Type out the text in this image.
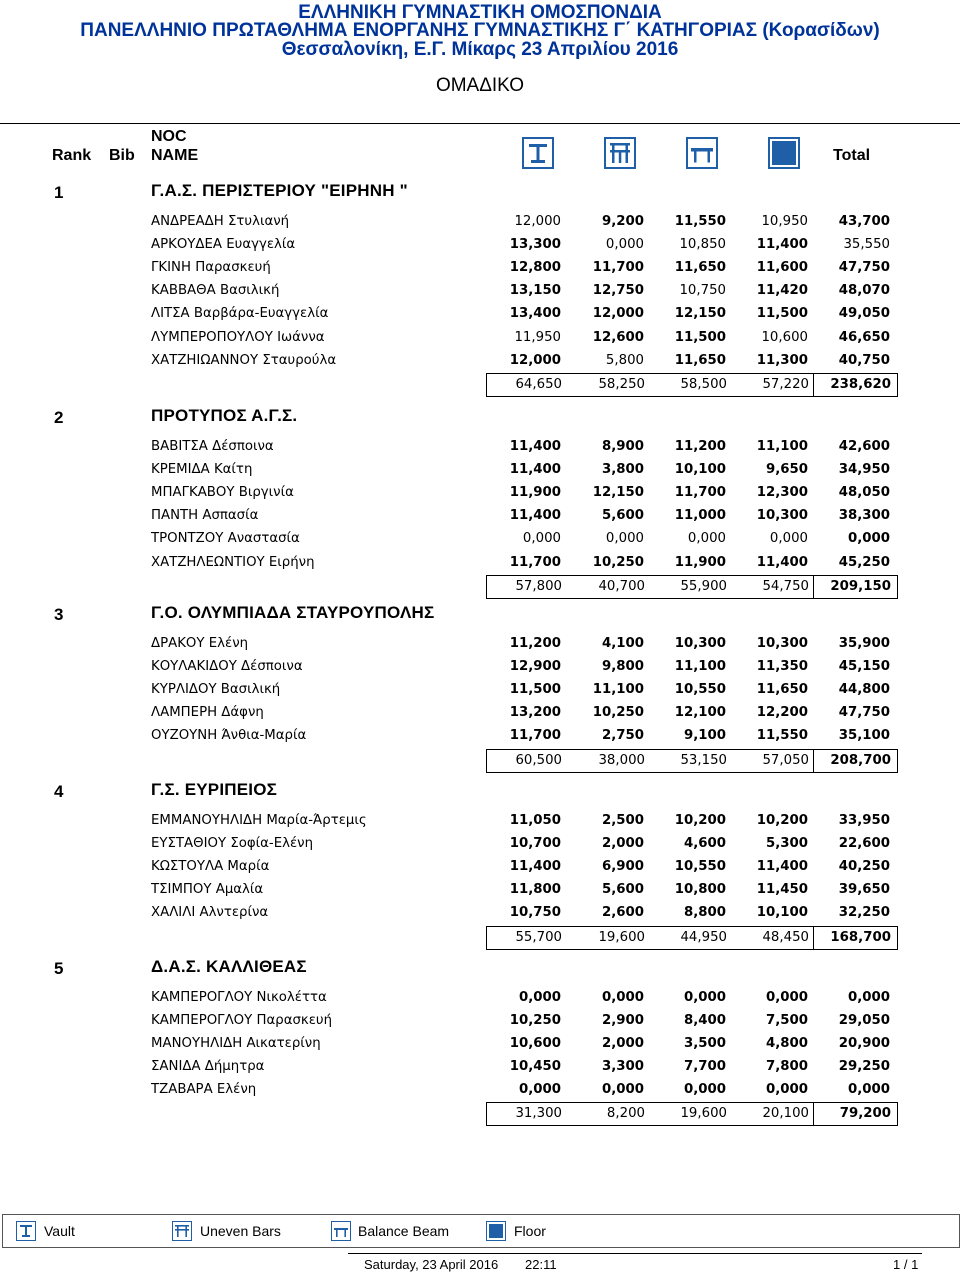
ΕΛΛΗΝΙΚΗ ΓΥΜΝΑΣΤΙΚΗ ΟΜΟΣΠΟΝΔΙΑ
ΠΑΝΕΛΛΗΝΙΟ ΠΡΩΤΑΘΛΗΜΑ ΕΝΟΡΓΑΝΗΣ ΓΥΜΝΑΣΤΙΚΗΣ Γ΄ ΚΑΤΗΓΟΡΙΑΣ (Κορασίδων)
Θεσσαλονίκη, Ε.Γ. Μίκαρς 23 Απριλίου 2016
ΟΜΑΔΙΚΟ
Rank Bib
NOC
NAME	Total
1	Γ.Α.Σ. ΠΕΡΙΣΤΕΡΙΟΥ "ΕΙΡΗΝΗ "
ΑΝΔΡΕΑΔΗ Στυλιανή	12,000	9,200	11,550	10,950	43,700
ΑΡΚΟΥΔΕΑ Ευαγγελία	13,300	0,000	10,850	11,400	35,550
ΓΚΙΝΗ Παρασκευή	12,800	11,700	11,650	11,600	47,750
ΚΑΒΒΑΘΑ Βασιλική	13,150	12,750	10,750	11,420	48,070
ΛΙΤΣΑ Βαρβάρα-Ευαγγελία	13,400	12,000	12,150	11,500	49,050
ΛΥΜΠΕΡΟΠΟΥΛΟΥ Ιωάννα	11,950	12,600	11,500	10,600	46,650
ΧΑΤΖΗΙΩΑΝΝΟΥ Σταυρούλα	12,000	5,800	11,650	11,300	40,750
64,650	58,250	58,500	57,220	238,620
2	ΠΡΟΤΥΠΟΣ Α.Γ.Σ.
ΒΑΒΙΤΣΑ Δέσποινα	11,400	8,900	11,200	11,100	42,600
ΚΡΕΜΙΔΑ Καίτη	11,400	3,800	10,100	9,650	34,950
ΜΠΑΓΚΑΒΟΥ Βιργινία	11,900	12,150	11,700	12,300	48,050
ΠΑΝΤΗ Ασπασία	11,400	5,600	11,000	10,300	38,300
ΤΡΟΝΤΖΟΥ Αναστασία	0,000	0,000	0,000	0,000	0,000
ΧΑΤΖΗΛΕΩΝΤΙΟΥ Ειρήνη	11,700	10,250	11,900	11,400	45,250
57,800	40,700	55,900	54,750	209,150
3	Γ.Ο. ΟΛΥΜΠΙΑΔΑ ΣΤΑΥΡΟΥΠΟΛΗΣ
ΔΡΑΚΟΥ Ελένη	11,200	4,100	10,300	10,300	35,900
ΚΟΥΛΑΚΙΔΟΥ Δέσποινα	12,900	9,800	11,100	11,350	45,150
ΚΥΡΛΙΔΟΥ Βασιλική	11,500	11,100	10,550	11,650	44,800
ΛΑΜΠΕΡΗ Δάφνη	13,200	10,250	12,100	12,200	47,750
ΟΥΖΟΥΝΗ Άνθια-Μαρία	11,700	2,750	9,100	11,550	35,100
60,500	38,000	53,150	57,050	208,700
4	Γ.Σ. ΕΥΡΙΠΕΙΟΣ
ΕΜΜΑΝΟΥΗΛΙΔΗ Μαρία-Άρτεμις	11,050	2,500	10,200	10,200	33,950
ΕΥΣΤΑΘΙΟΥ Σοφία-Ελένη	10,700	2,000	4,600	5,300	22,600
ΚΩΣΤΟΥΛΑ Μαρία	11,400	6,900	10,550	11,400	40,250
ΤΣΙΜΠΟΥ Αμαλία	11,800	5,600	10,800	11,450	39,650
ΧΑΛΙΛΙ Αλντερίνα	10,750	2,600	8,800	10,100	32,250
55,700	19,600	44,950	48,450	168,700
5	Δ.Α.Σ. ΚΑΛΛΙΘΕΑΣ
ΚΑΜΠΕΡΟΓΛΟΥ Νικολέττα	0,000	0,000	0,000	0,000	0,000
ΚΑΜΠΕΡΟΓΛΟΥ Παρασκευή	10,250	2,900	8,400	7,500	29,050
ΜΑΝΟΥΗΛΙΔΗ Αικατερίνη	10,600	2,000	3,500	4,800	20,900
ΣΑΝΙΔΑ Δήμητρα	10,450	3,300	7,700	7,800	29,250
ΤΖΑΒΑΡΑ Ελένη	0,000	0,000	0,000	0,000	0,000
31,300	8,200	19,600	20,100	79,200
Vault	Uneven Bars	Balance Beam	Floor
Saturday, 23 April 2016 22:11	1 / 1
